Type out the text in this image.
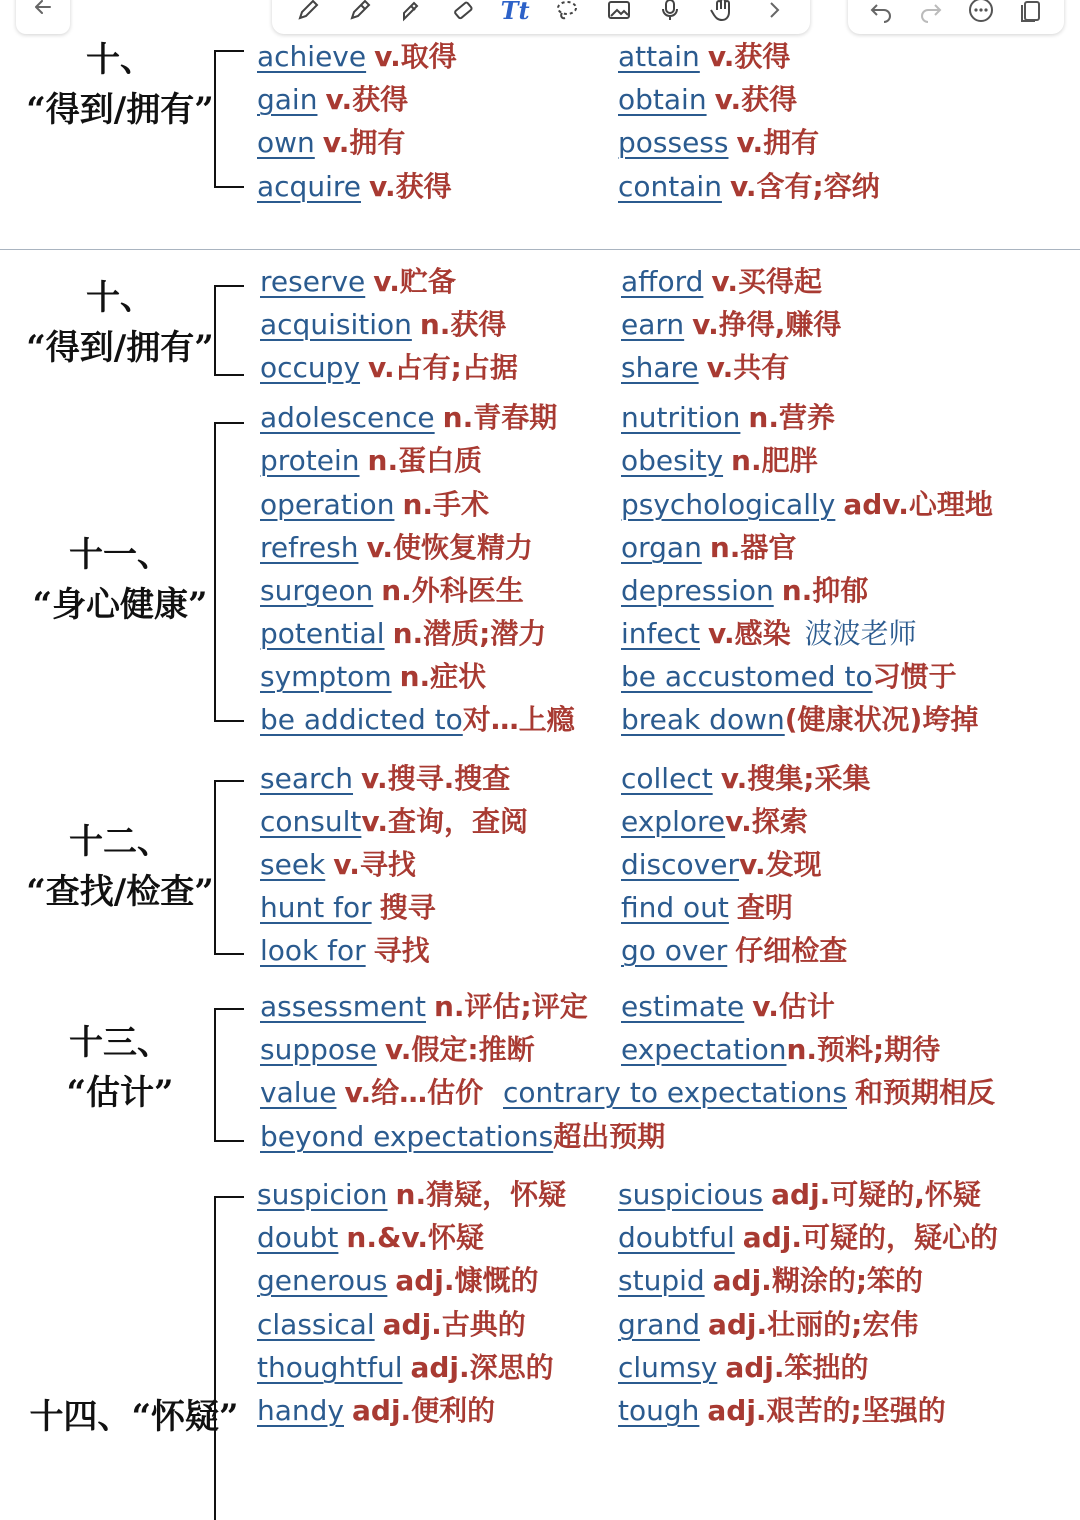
Tt
十、
“得到/拥有”
achieve v.取得
gain v.获得
own v.拥有
acquire v.获得
attain v.获得
obtain v.获得
possess v.拥有
contain v.含有;容纳
十、
“得到/拥有”
reserve v.贮备
acquisition n.获得
occupy v.占有;占据
afford v.买得起
earn v.挣得,赚得
share v.共有
十一、
“身心健康”
adolescence n.青春期
protein n.蛋白质
operation n.手术
refresh v.使恢复精力
surgeon n.外科医生
potential n.潜质;潜力
symptom n.症状
be addicted to对…上瘾
nutrition n.营养
obesity n.肥胖
psychologically adv.心理地
organ n.器官
depression n.抑郁
infect v.感染 波波老师
be accustomed to习惯于
break down(健康状况)垮掉
十二、
“查找/检查”
search v.搜寻.搜查
consultv.查询，查阅
seek v.寻找
hunt for 搜寻
look for 寻找
collect v.搜集;采集
explorev.探索
discoverv.发现
find out 查明
go over 仔细检查
十三、
“估计”
assessment n.评估;评定
suppose v.假定:推断
value v.给…估价
beyond expectations超出预期
estimate v.估计
expectationn.预料;期待
contrary to expectations 和预期相反
十四、“怀疑”
suspicion n.猜疑，怀疑
doubt n.&v.怀疑
generous adj.慷慨的
classical adj.古典的
thoughtful adj.深思的
handy adj.便利的
suspicious adj.可疑的,怀疑
doubtful adj.可疑的，疑心的
stupid adj.糊涂的;笨的
grand adj.壮丽的;宏伟
clumsy adj.笨拙的
tough adj.艰苦的;坚强的
